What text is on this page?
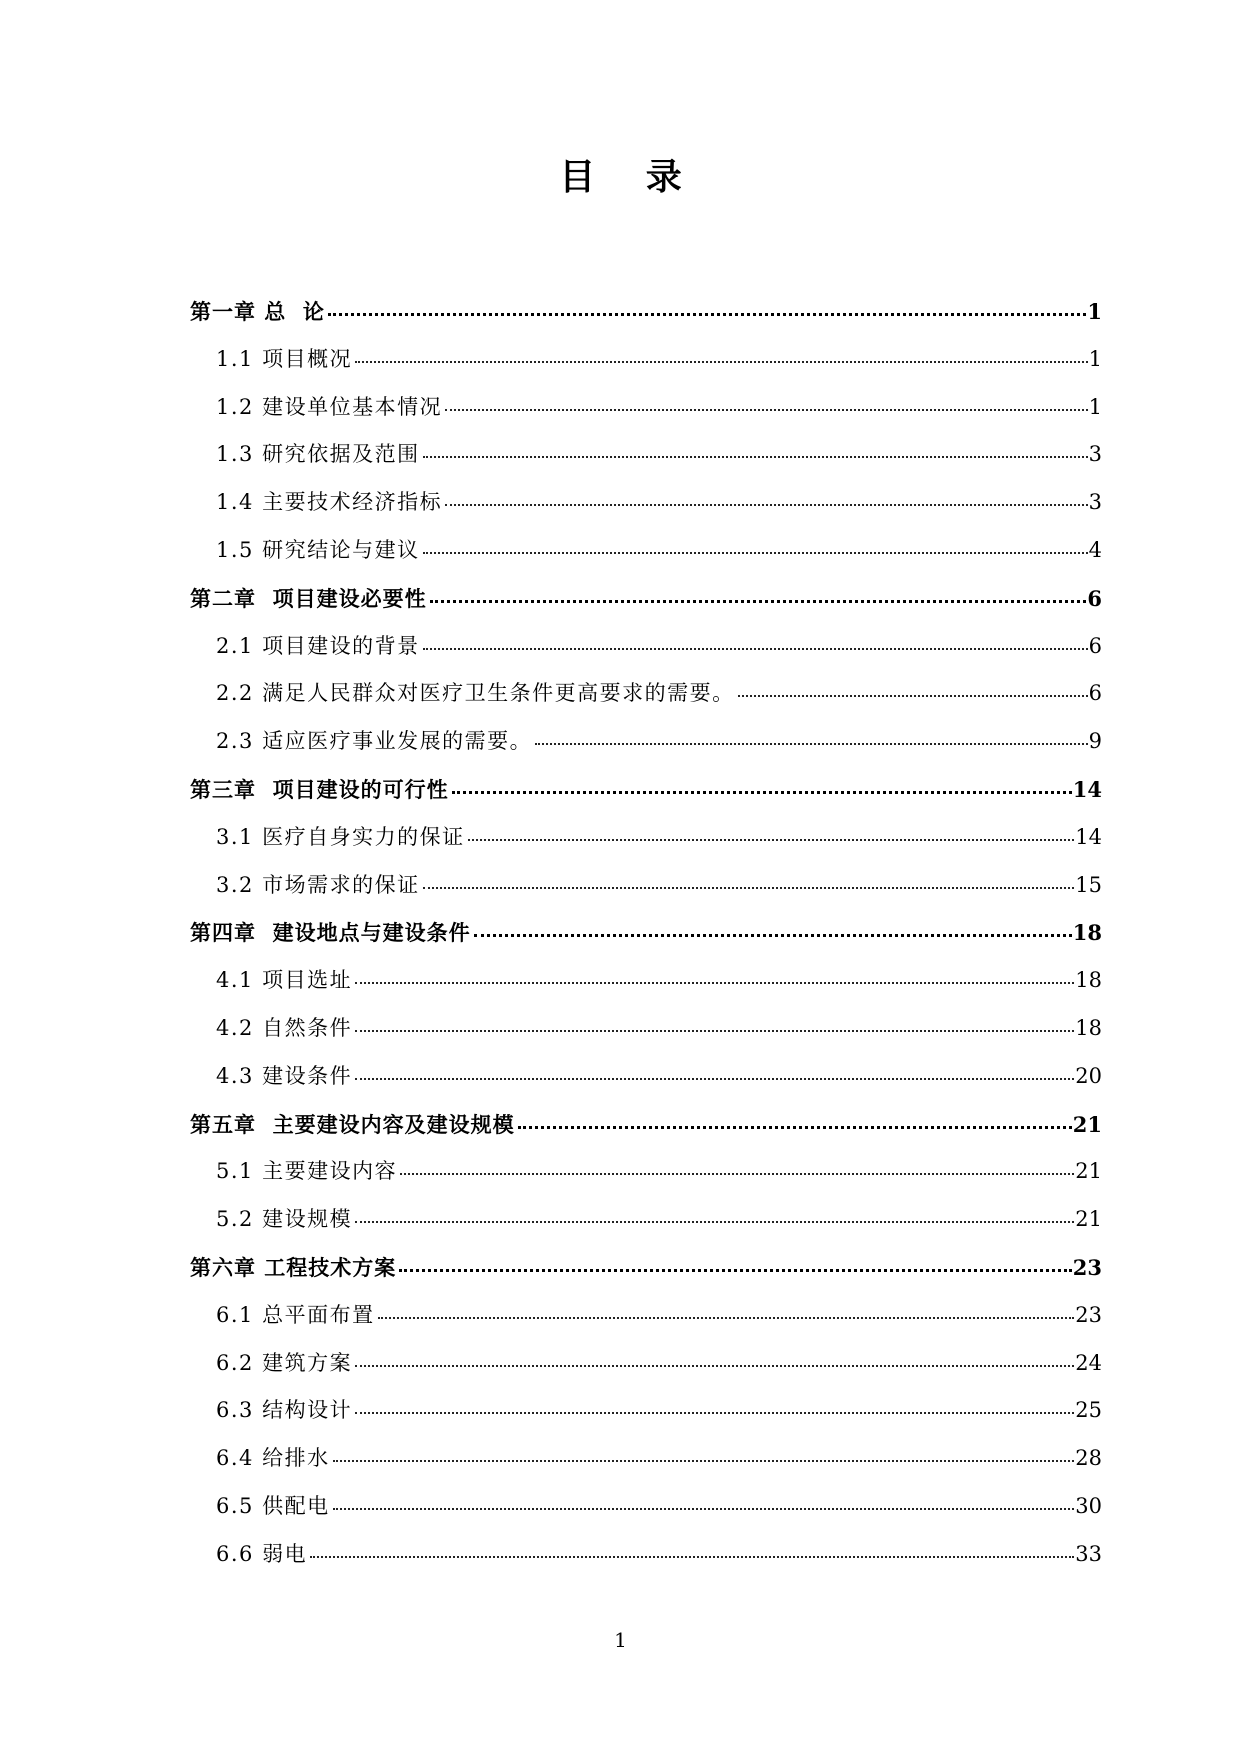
目 录
第一章 总  论	1
1.1 项目概况	1
1.2 建设单位基本情况	1
1.3 研究依据及范围	3
1.4 主要技术经济指标	3
1.5 研究结论与建议	4
第二章  项目建设必要性	6
2.1 项目建设的背景	6
2.2 满足人民群众对医疗卫生条件更高要求的需要。	6
2.3 适应医疗事业发展的需要。	9
第三章  项目建设的可行性	14
3.1 医疗自身实力的保证	14
3.2 市场需求的保证	15
第四章  建设地点与建设条件	18
4.1 项目选址	18
4.2 自然条件	18
4.3 建设条件	20
第五章  主要建设内容及建设规模	21
5.1 主要建设内容	21
5.2 建设规模	21
第六章 工程技术方案	23
6.1 总平面布置	23
6.2 建筑方案	24
6.3 结构设计	25
6.4 给排水	28
6.5 供配电	30
6.6 弱电	33
1
